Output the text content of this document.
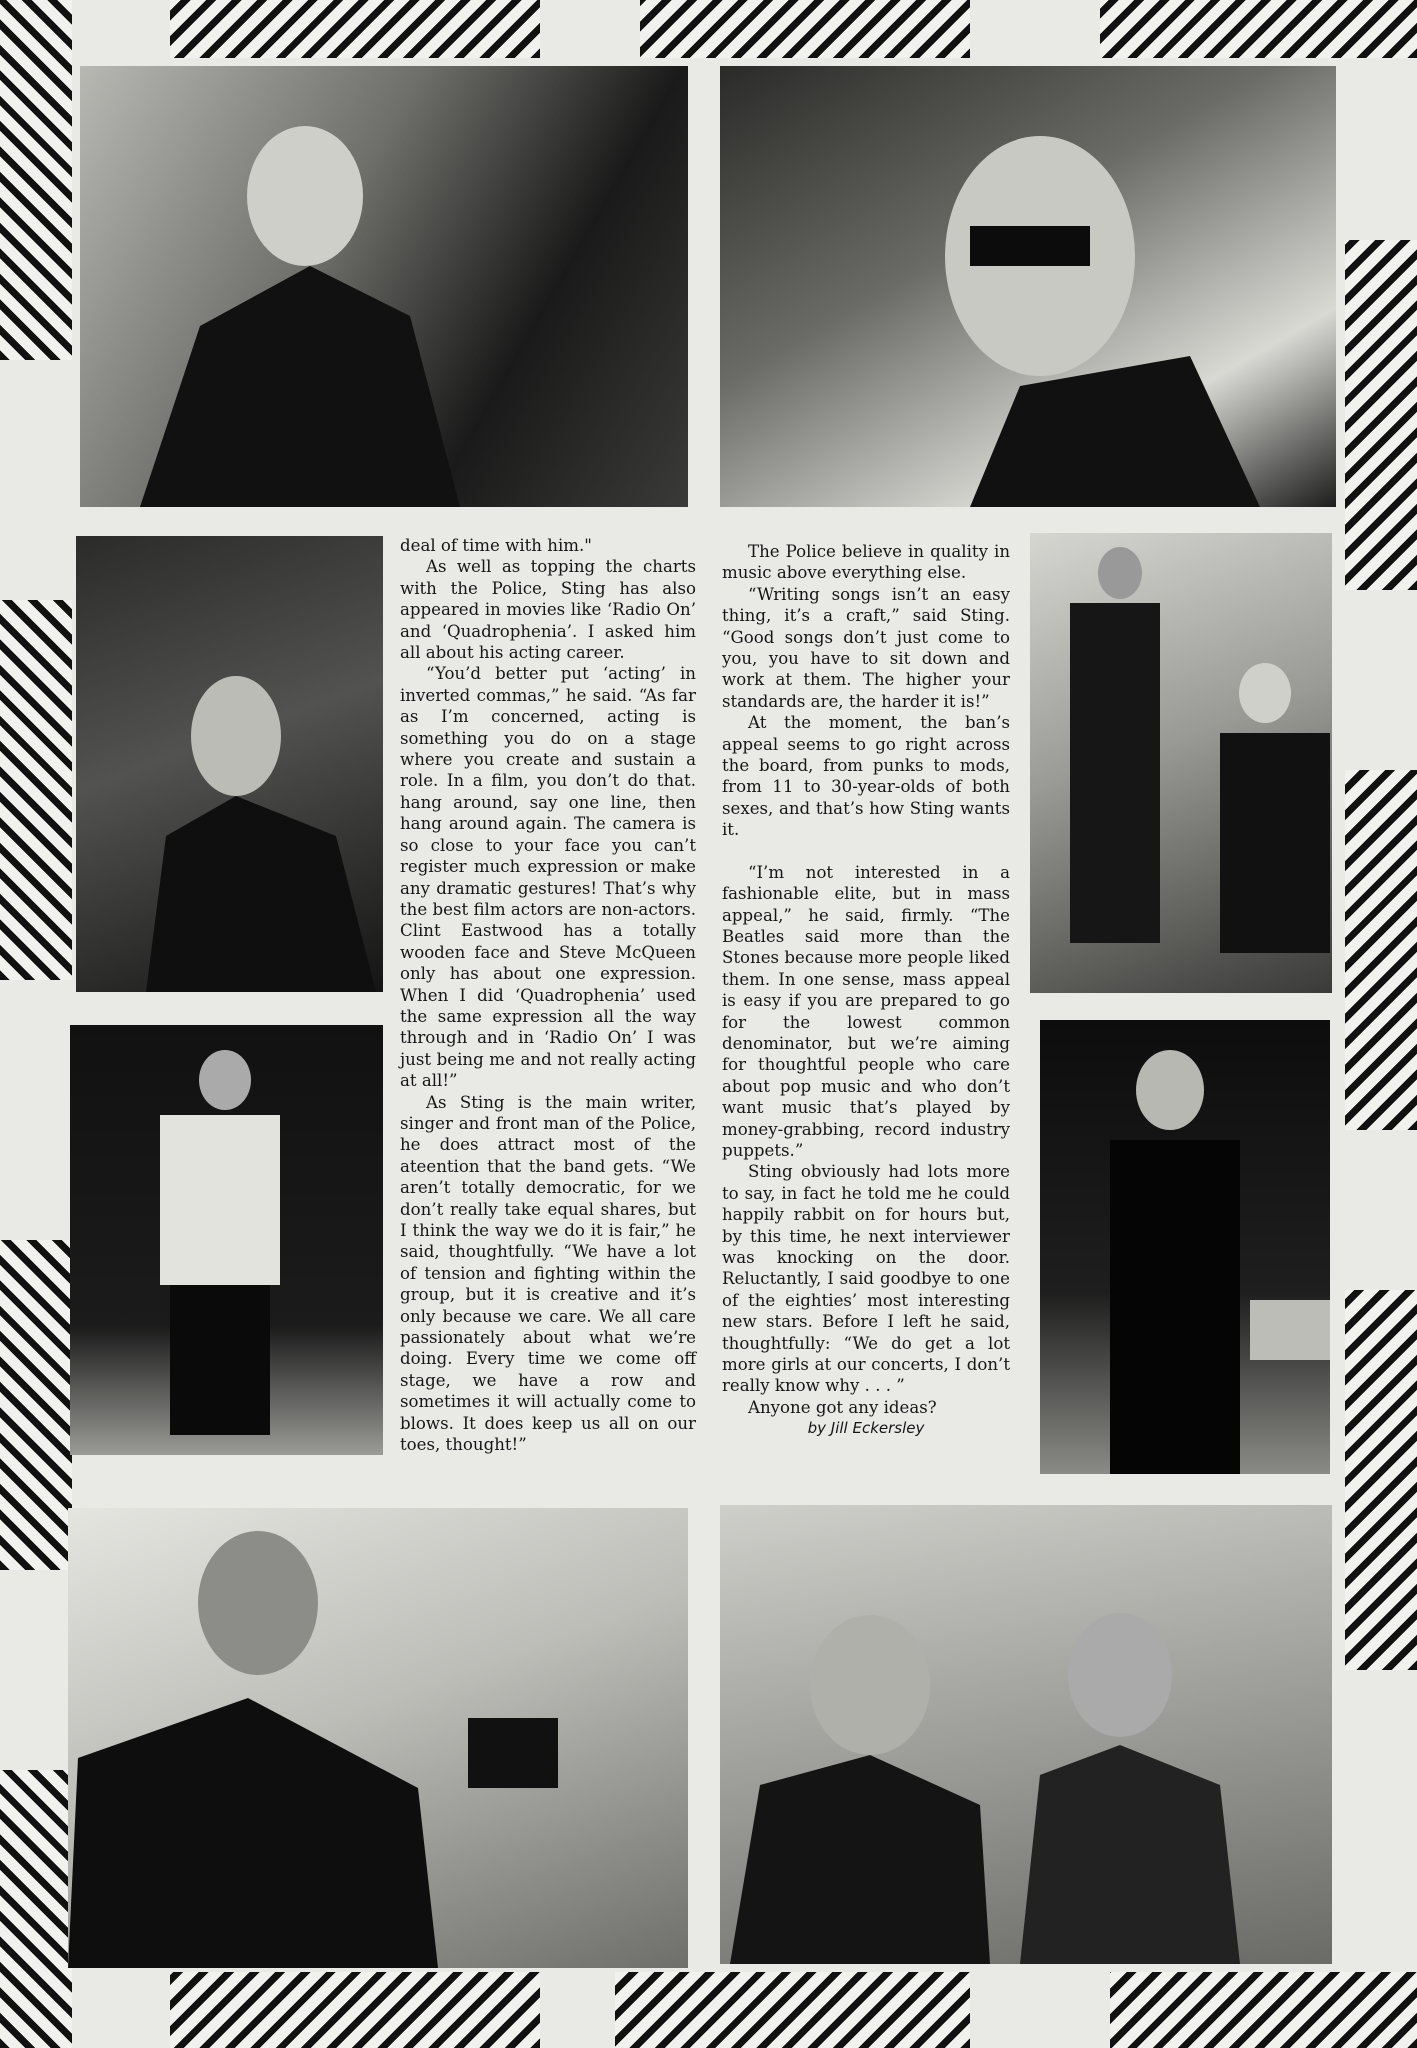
deal of time with him."

As well as topping the charts with the Police, Sting has also appeared in movies like ‘Radio On’ and ‘Quadrophenia’. I asked him all about his acting career.

“You’d better put ‘acting’ in inverted commas,” he said. “As far as I’m concerned, acting is something you do on a stage where you create and sustain a role. In a film, you don’t do that. hang around, say one line, then hang around again. The camera is so close to your face you can’t register much expression or make any dramatic gestures! That’s why the best film actors are non-actors. Clint Eastwood has a totally wooden face and Steve McQueen only has about one expression. When I did ‘Quadrophenia’ used the same expression all the way through and in ‘Radio On’ I was just being me and not really acting at all!”

As Sting is the main writer, singer and front man of the Police, he does attract most of the ateention that the band gets. “We aren’t totally democratic, for we don’t really take equal shares, but I think the way we do it is fair,” he said, thoughtfully. “We have a lot of tension and fighting within the group, but it is creative and it’s only because we care. We all care passionately about what we’re doing. Every time we come off stage, we have a row and sometimes it will actually come to blows. It does keep us all on our toes, thought!”

The Police believe in quality in music above everything else.

“Writing songs isn’t an easy thing, it’s a craft,” said Sting. “Good songs don’t just come to you, you have to sit down and work at them. The higher your standards are, the harder it is!”

At the moment, the ban’s appeal seems to go right across the board, from punks to mods, from 11 to 30-year-olds of both sexes, and that’s how Sting wants it.

“I’m not interested in a fashionable elite, but in mass appeal,” he said, firmly. “The Beatles said more than the Stones because more people liked them. In one sense, mass appeal is easy if you are prepared to go for the lowest common denominator, but we’re aiming for thoughtful people who care about pop music and who don’t want music that’s played by money-grabbing, record industry puppets.”

Sting obviously had lots more to say, in fact he told me he could happily rabbit on for hours but, by this time, he next interviewer was knocking on the door. Reluctantly, I said goodbye to one of the eighties’ most interesting new stars. Before I left he said, thoughtfully: “We do get a lot more girls at our concerts, I don’t really know why . . . ”

Anyone got any ideas?

by Jill Eckersley
